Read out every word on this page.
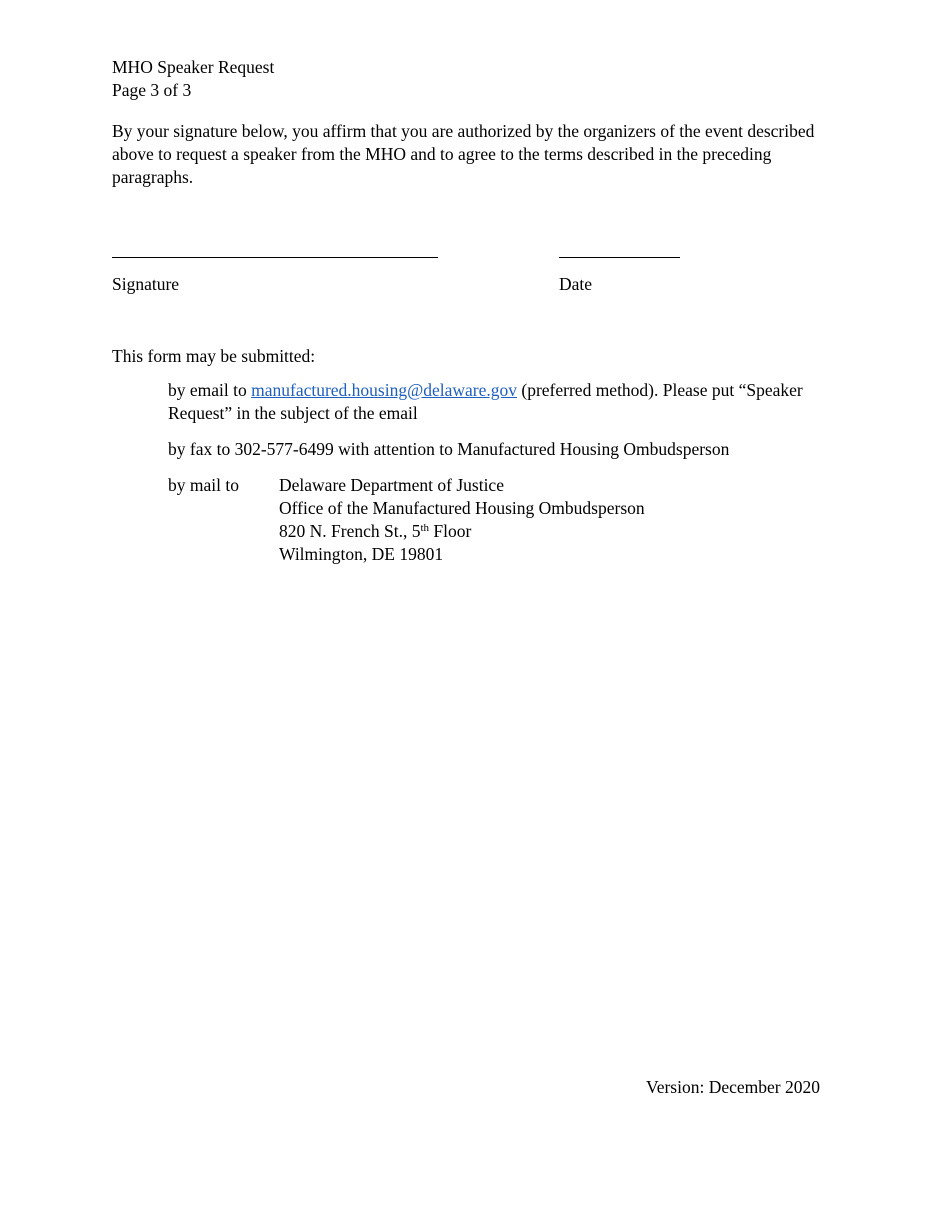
MHO Speaker Request
Page 3 of 3
By your signature below, you affirm that you are authorized by the organizers of the event described above to request a speaker from the MHO and to agree to the terms described in the preceding paragraphs.
Signature	Date
This form may be submitted:
by email to manufactured.housing@delaware.gov (preferred method). Please put “Speaker Request” in the subject of the email
by fax to 302-577-6499 with attention to Manufactured Housing Ombudsperson
by mail to Delaware Department of Justice
Office of the Manufactured Housing Ombudsperson
820 N. French St., 5th Floor
Wilmington, DE 19801
Version: December 2020
